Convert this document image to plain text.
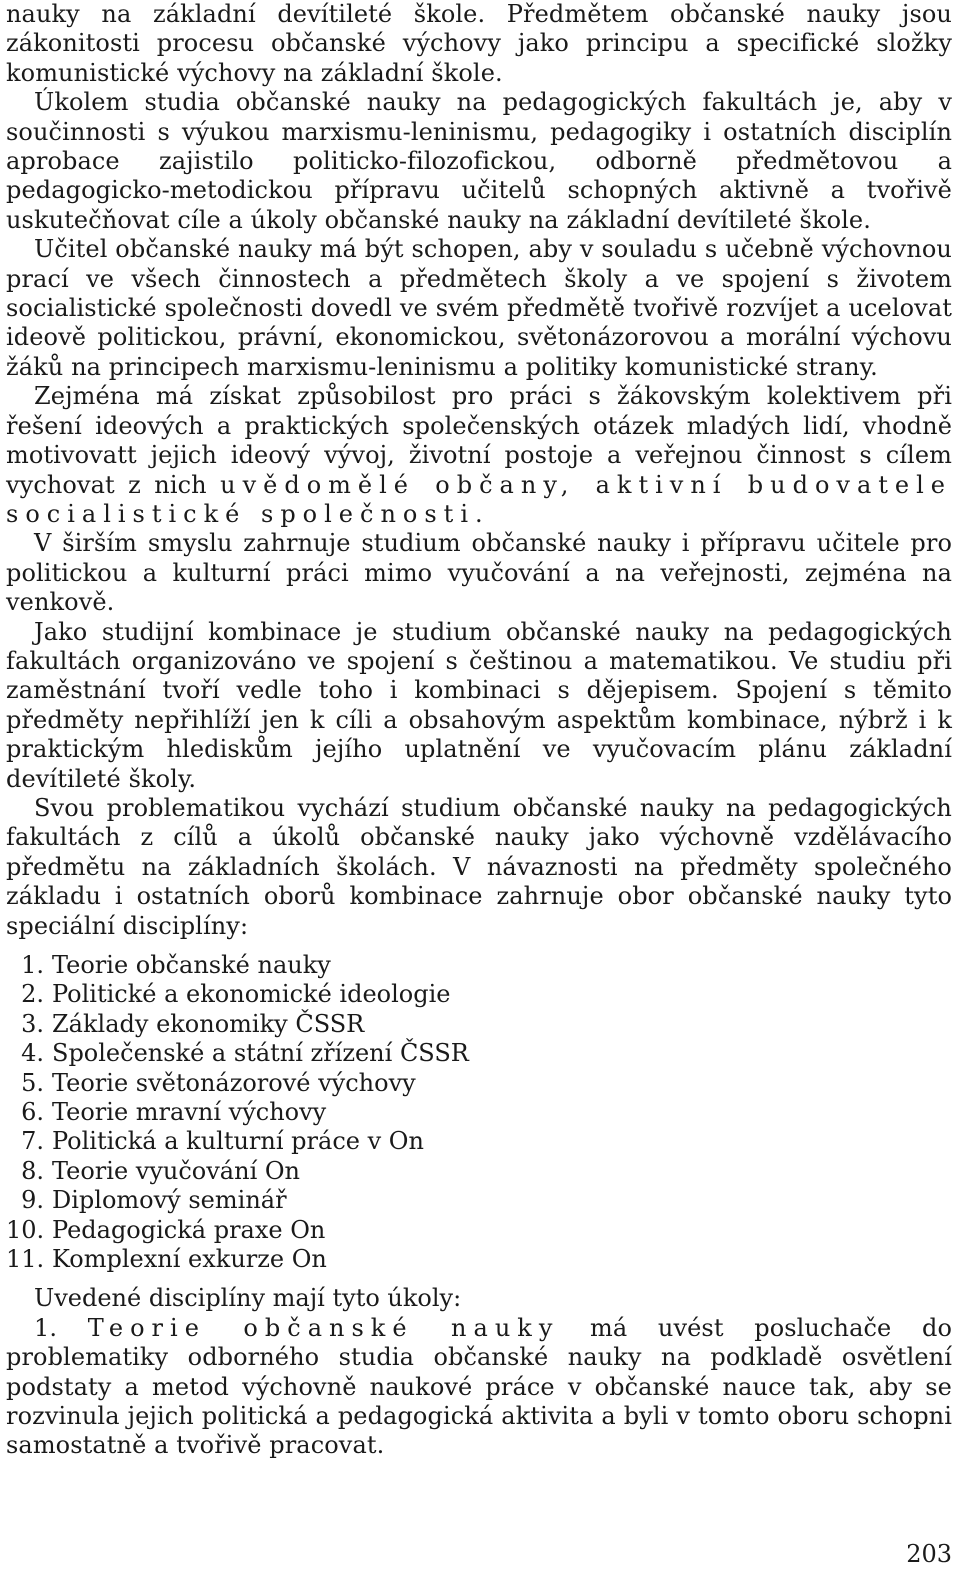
nauky na základní devítileté škole. Předmětem občanské nauky jsou zákonitosti procesu občanské výchovy jako principu a specifické složky komunistické výchovy na základní škole.

Úkolem studia občanské nauky na pedagogických fakultách je, aby v součinnosti s výukou marxismu-leninismu, pedagogiky i ostatních disciplín aprobace zajistilo politicko-filozofickou, odborně předmětovou a pedagogicko-metodickou přípravu učitelů schopných aktivně a tvořivě uskutečňovat cíle a úkoly občanské nauky na základní devítileté škole.

Učitel občanské nauky má být schopen, aby v souladu s učebně výchovnou prací ve všech činnostech a předmětech školy a ve spojení s životem socialistické společnosti dovedl ve svém předmětě tvořivě rozvíjet a ucelovat ideově politickou, právní, ekonomickou, světonázorovou a morální výchovu žáků na principech marxismu-leninismu a politiky komunistické strany.

Zejména má získat způsobilost pro práci s žákovským kolektivem při řešení ideových a praktických společenských otázek mladých lidí, vhodně motivovatt jejich ideový vývoj, životní postoje a veřejnou činnost s cílem vychovat z nich uvědomělé občany, aktivní budovatele socialistické společnosti.

V širším smyslu zahrnuje studium občanské nauky i přípravu učitele pro politickou a kulturní práci mimo vyučování a na veřejnosti, zejména na venkově.

Jako studijní kombinace je studium občanské nauky na pedagogických fakultách organizováno ve spojení s češtinou a matematikou. Ve studiu při zaměstnání tvoří vedle toho i kombinaci s dějepisem. Spojení s těmito předměty nepřihlíží jen k cíli a obsahovým aspektům kombinace, nýbrž i k praktickým hlediskům jejího uplatnění ve vyučovacím plánu základní devítileté školy.

Svou problematikou vychází studium občanské nauky na pedagogických fakultách z cílů a úkolů občanské nauky jako výchovně vzdělávacího předmětu na základních školách. V návaznosti na předměty společného základu i ostatních oborů kombinace zahrnuje obor občanské nauky tyto speciální disciplíny:

1. Teorie občanské nauky
2. Politické a ekonomické ideologie
3. Základy ekonomiky ČSSR
4. Společenské a státní zřízení ČSSR
5. Teorie světonázorové výchovy
6. Teorie mravní výchovy
7. Politická a kulturní práce v On
8. Teorie vyučování On
9. Diplomový seminář
10. Pedagogická praxe On
11. Komplexní exkurze On

Uvedené disciplíny mají tyto úkoly:

1. Teorie občanské nauky má uvést posluchače do problematiky odborného studia občanské nauky na podkladě osvětlení podstaty a metod výchovně naukové práce v občanské nauce tak, aby se rozvinula jejich politická a pedagogická aktivita a byli v tomto oboru schopni samostatně a tvořivě pracovat.

203
